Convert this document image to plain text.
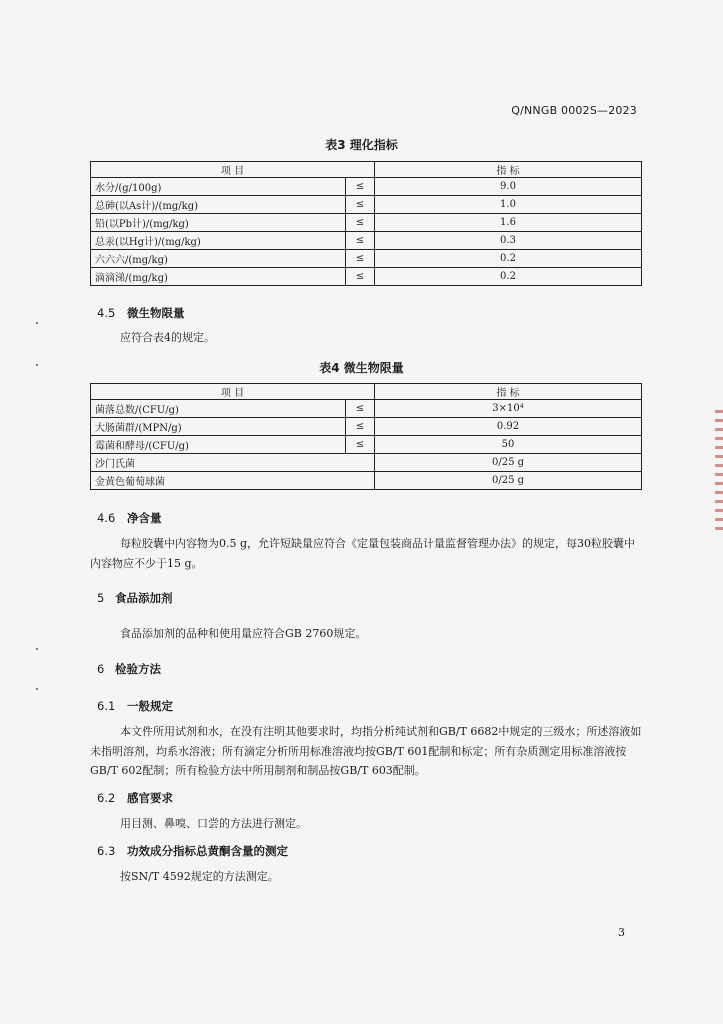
Q/NNGB 0002S—2023
表3 理化指标
项 目		指 标
水分/(g/100g)	≤	9.0
总砷(以As计)/(mg/kg)	≤	1.0
铅(以Pb计)/(mg/kg)	≤	1.6
总汞(以Hg计)/(mg/kg)	≤	0.3
六六六/(mg/kg)	≤	0.2
滴滴涕/(mg/kg)	≤	0.2
4.5 微生物限量
应符合表4的规定。
表4 微生物限量
项 目		指 标
菌落总数/(CFU/g)	≤	3×10⁴
大肠菌群/(MPN/g)	≤	0.92
霉菌和酵母/(CFU/g)	≤	50
沙门氏菌		0/25 g
金黄色葡萄球菌		0/25 g
4.6 净含量
每粒胶囊中内容物为0.5 g，允许短缺量应符合《定量包装商品计量监督管理办法》的规定，每30粒胶囊中内容物应不少于15 g。
5 食品添加剂
食品添加剂的品种和使用量应符合GB 2760规定。
6 检验方法
6.1 一般规定
本文件所用试剂和水，在没有注明其他要求时，均指分析纯试剂和GB/T 6682中规定的三级水；所述溶液如未指明溶剂，均系水溶液；所有滴定分析所用标准溶液均按GB/T 601配制和标定；所有杂质测定用标准溶液按GB/T 602配制；所有检验方法中所用制剂和制品按GB/T 603配制。
6.2 感官要求
用目测、鼻嗅、口尝的方法进行测定。
6.3 功效成分指标总黄酮含量的测定
按SN/T 4592规定的方法测定。
3
